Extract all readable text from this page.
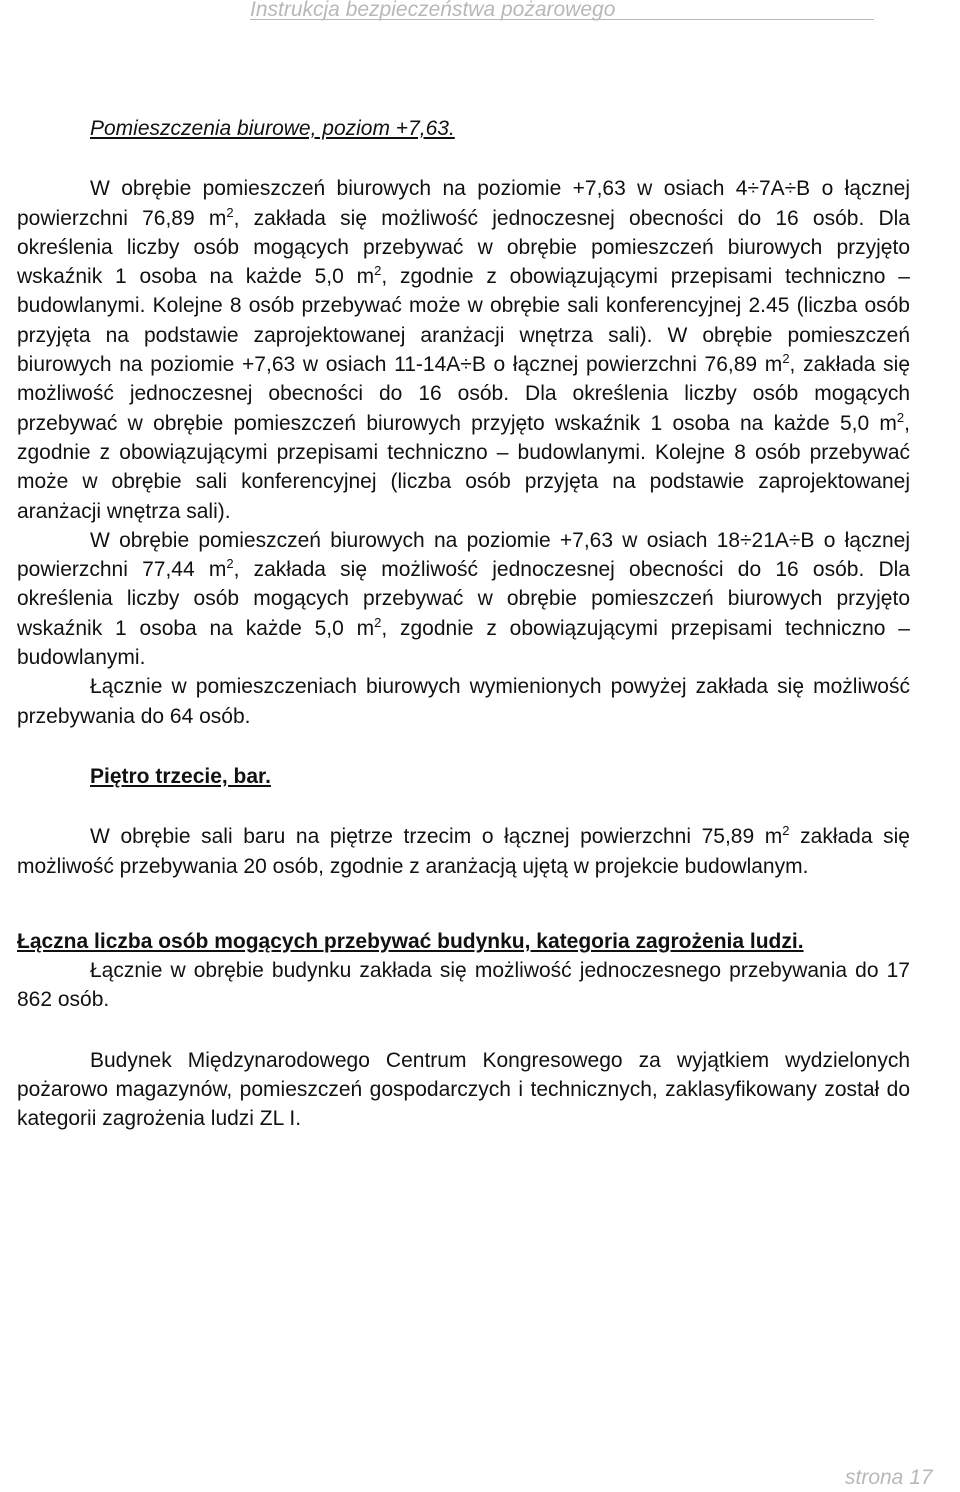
Instrukcja bezpieczeństwa pożarowego

Pomieszczenia biurowe, poziom +7,63.

W obrębie pomieszczeń biurowych na poziomie +7,63 w osiach 4÷7A÷B o łącznej powierzchni 76,89 $m^2$, zakłada się możliwość jednoczesnej obecności do 16 osób. Dla określenia liczby osób mogących przebywać w obrębie pomieszczeń biurowych przyjęto wskaźnik 1 osoba na każde 5,0 $m^2$, zgodnie z obowiązującymi przepisami techniczno – budowlanymi. Kolejne 8 osób przebywać może w obrębie sali konferencyjnej 2.45 (liczba osób przyjęta na podstawie zaprojektowanej aranżacji wnętrza sali). W obrębie pomieszczeń biurowych na poziomie +7,63 w osiach 11-14A÷B o łącznej powierzchni 76,89 $m^2$, zakłada się możliwość jednoczesnej obecności do 16 osób. Dla określenia liczby osób mogących przebywać w obrębie pomieszczeń biurowych przyjęto wskaźnik 1 osoba na każde 5,0 $m^2$, zgodnie z obowiązującymi przepisami techniczno – budowlanymi. Kolejne 8 osób przebywać może w obrębie sali konferencyjnej (liczba osób przyjęta na podstawie zaprojektowanej aranżacji wnętrza sali).

W obrębie pomieszczeń biurowych na poziomie +7,63 w osiach 18÷21A÷B o łącznej powierzchni 77,44 $m^2$, zakłada się możliwość jednoczesnej obecności do 16 osób. Dla określenia liczby osób mogących przebywać w obrębie pomieszczeń biurowych przyjęto wskaźnik 1 osoba na każde 5,0 $m^2$, zgodnie z obowiązującymi przepisami techniczno – budowlanymi.

Łącznie w pomieszczeniach biurowych wymienionych powyżej zakłada się możliwość przebywania do 64 osób.

Piętro trzecie, bar.

W obrębie sali baru na piętrze trzecim o łącznej powierzchni 75,89 $m^2$ zakłada się możliwość przebywania 20 osób, zgodnie z aranżacją ujętą w projekcie budowlanym.

Łączna liczba osób mogących przebywać budynku, kategoria zagrożenia ludzi.

Łącznie w obrębie budynku zakłada się możliwość jednoczesnego przebywania do 17 862 osób.

Budynek Międzynarodowego Centrum Kongresowego za wyjątkiem wydzielonych pożarowo magazynów, pomieszczeń gospodarczych i technicznych, zaklasyfikowany został do kategorii zagrożenia ludzi ZL I.

strona 17
